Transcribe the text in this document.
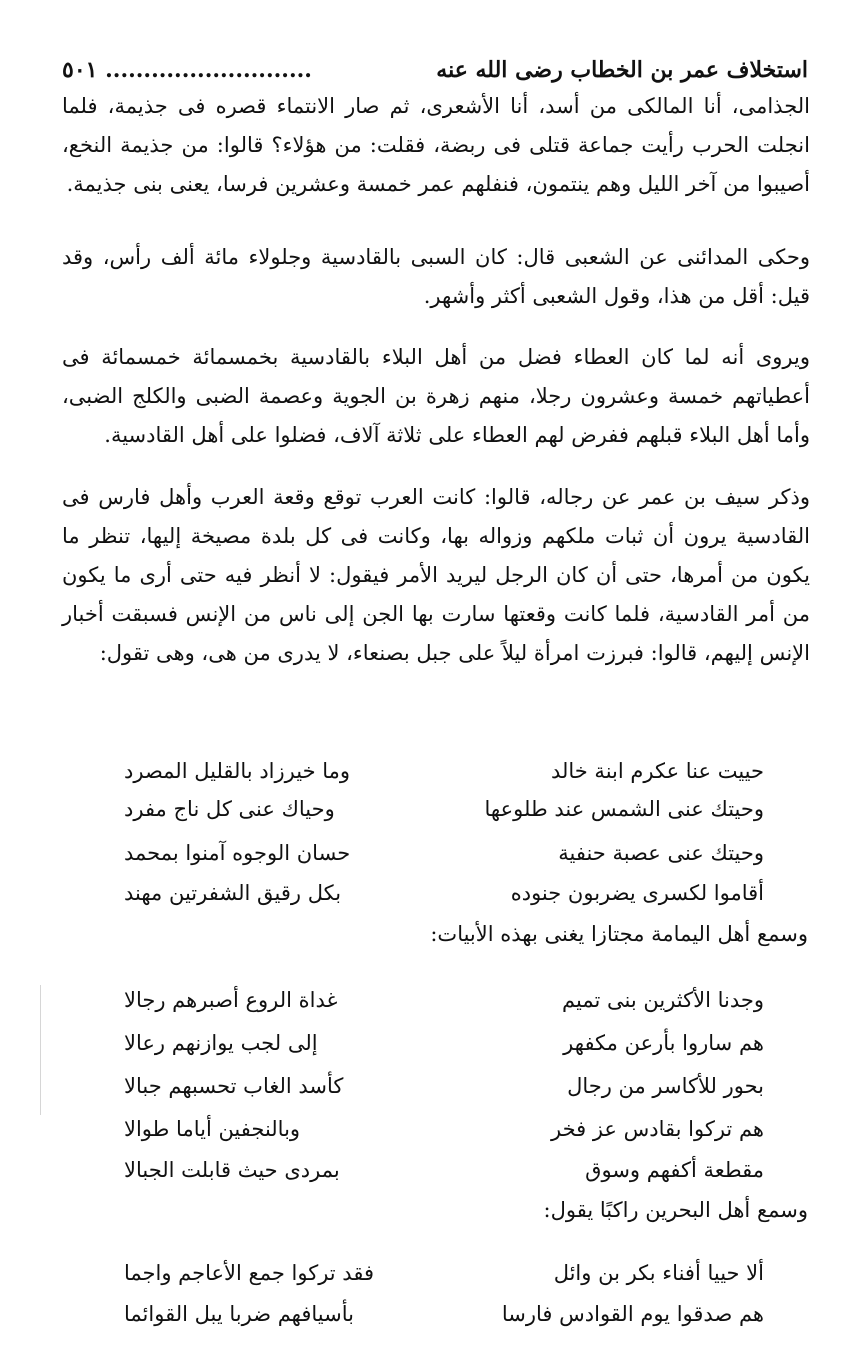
استخلاف عمر بن الخطاب رضى الله عنه
٥٠١ ...........................

الجذامى، أنا المالكى من أسد، أنا الأشعرى، ثم صار الانتماء قصره فى جذيمة، فلما انجلت الحرب رأيت جماعة قتلى فى ربضة، فقلت: من هؤلاء؟ قالوا: من جذيمة النخع، أصيبوا من آخر الليل وهم ينتمون، فنفلهم عمر خمسة وعشرين فرسا، يعنى بنى جذيمة.

وحكى المدائنى عن الشعبى قال: كان السبى بالقادسية وجلولاء مائة ألف رأس، وقد قيل: أقل من هذا، وقول الشعبى أكثر وأشهر.

ويروى أنه لما كان العطاء فضل من أهل البلاء بالقادسية بخمسمائة خمسمائة فى أعطياتهم خمسة وعشرون رجلا، منهم زهرة بن الجوية وعصمة الضبى والكلج الضبى، وأما أهل البلاء قبلهم ففرض لهم العطاء على ثلاثة آلاف، فضلوا على أهل القادسية.

وذكر سيف بن عمر عن رجاله، قالوا: كانت العرب توقع وقعة العرب وأهل فارس فى القادسية يرون أن ثبات ملكهم وزواله بها، وكانت فى كل بلدة مصيخة إليها، تنظر ما يكون من أمرها، حتى أن كان الرجل ليريد الأمر فيقول: لا أنظر فيه حتى أرى ما يكون من أمر القادسية، فلما كانت وقعتها سارت بها الجن إلى ناس من الإنس فسبقت أخبار الإنس إليهم، قالوا: فبرزت امرأة ليلاً على جبل بصنعاء، لا يدرى من هى، وهى تقول:

حييت عنا عكرم ابنة خالد
وما خيرزاد بالقليل المصرد
وحيتك عنى الشمس عند طلوعها
وحياك عنى كل ناج مفرد
وحيتك عنى عصبة حنفية
حسان الوجوه آمنوا بمحمد
أقاموا لكسرى يضربون جنوده
بكل رقيق الشفرتين مهند
وسمع أهل اليمامة مجتازا يغنى بهذه الأبيات:
وجدنا الأكثرين بنى تميم
غداة الروع أصبرهم رجالا
هم ساروا بأرعن مكفهر
إلى لجب يوازنهم رعالا
بحور للأكاسر من رجال
كأسد الغاب تحسبهم جبالا
هم تركوا بقادس عز فخر
وبالنجفين أياما طوالا
مقطعة أكفهم وسوق
بمردى حيث قابلت الجبالا
وسمع أهل البحرين راكبًا يقول:
ألا حييا أفناء بكر بن وائل
فقد تركوا جمع الأعاجم واجما
هم صدقوا يوم القوادس فارسا
بأسيافهم ضربا يبل القوائما
